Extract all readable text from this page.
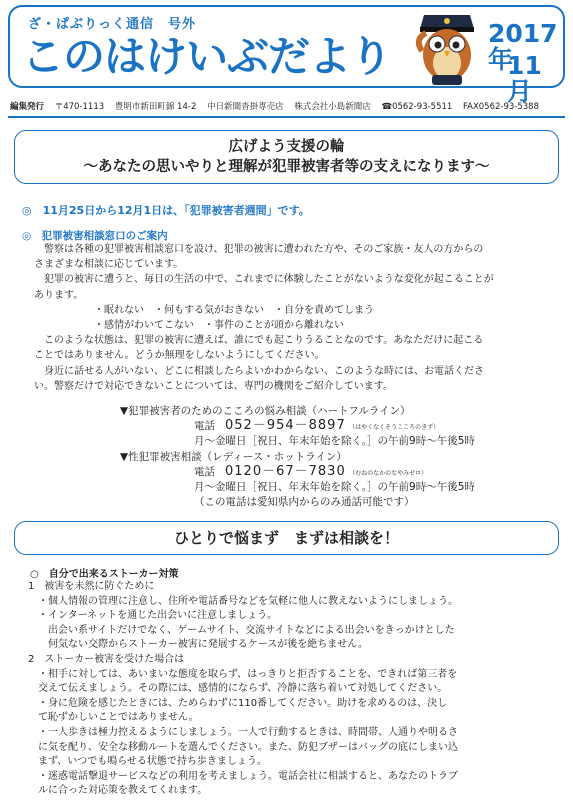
ざ・ぱぶりっく通信　号外
このはけいぶだより	2017年
11月
編集発行 〒470-1113 豊明市新田町錦 14-2 中日新聞沓掛専売店 株式会社小島新聞店 ☎0562-93-5511 FAX0562-93-5388
広げよう支援の輪
～あなたの思いやりと理解が犯罪被害者等の支えになります～
◎　11月25日から12月1日は、「犯罪被害者週間」です。
◎　犯罪被害相談窓口のご案内
　警察は各種の犯罪被害相談窓口を設け、犯罪の被害に遭われた方や、そのご家族・友人の方からの
さまざまな相談に応じています。
　犯罪の被害に遭うと、毎日の生活の中で、これまでに体験したことがないような変化が起こることが
あります。
　　　　　　・眠れない　・何もする気がおきない　・自分を責めてしまう
　　　　　　・感情がわいてこない　・事件のことが頭から離れない
　このような状態は、犯罪の被害に遭えば、誰にでも起こりうることなのです。あなただけに起こる
ことではありません。どうか無理をしないようにしてください。
　身近に話せる人がいない、どこに相談したらよいかわからない、このような時には、お電話くださ
い。警察だけで対応できないことについては、専門の機関をご紹介しています。
▼犯罪被害者のためのこころの悩み相談（ハートフルライン）
電話 052－954－8897 （はやくなくそうこころのきず）
月～金曜日［祝日、年末年始を除く。］の午前9時～午後5時
▼性犯罪被害相談（レディース・ホットライン）
電話 0120－67－7830 （むねのなかのなやみゼロ）
月～金曜日［祝日、年末年始を除く。］の午前9時～午後5時
（この電話は愛知県内からのみ通話可能です）
ひとりで悩まず　まずは相談を！
○　自分で出来るストーカー対策
　1　被害を未然に防ぐために
　　・個人情報の管理に注意し、住所や電話番号などを気軽に他人に教えないようにしましょう。
　　・インターネットを通じた出会いに注意しましょう。
　　　出会い系サイトだけでなく、ゲームサイト、交流サイトなどによる出会いをきっかけとした
　　　何気ない交際からストーカー被害に発展するケースが後を絶ちません。
　2　ストーカー被害を受けた場合は
　　・相手に対しては、あいまいな態度を取らず、はっきりと拒否することを、できれば第三者を
　　交えて伝えましょう。その際には、感情的にならず、冷静に落ち着いて対処してください。
　　・身に危険を感じたときには、ためらわずに110番してください。助けを求めるのは、決し
　　て恥ずかしいことではありません。
　　・一人歩きは極力控えるようにしましょう。一人で行動するときは、時間帯、人通りや明るさ
　　に気を配り、安全な移動ルートを選んでください。また、防犯ブザーはバッグの底にしまい込
　　まず、いつでも鳴らせる状態で持ち歩きましょう。
　　・迷惑電話撃退サービスなどの利用を考えましょう。電話会社に相談すると、あなたのトラブ
　　ルに合った対応策を教えてくれます。
